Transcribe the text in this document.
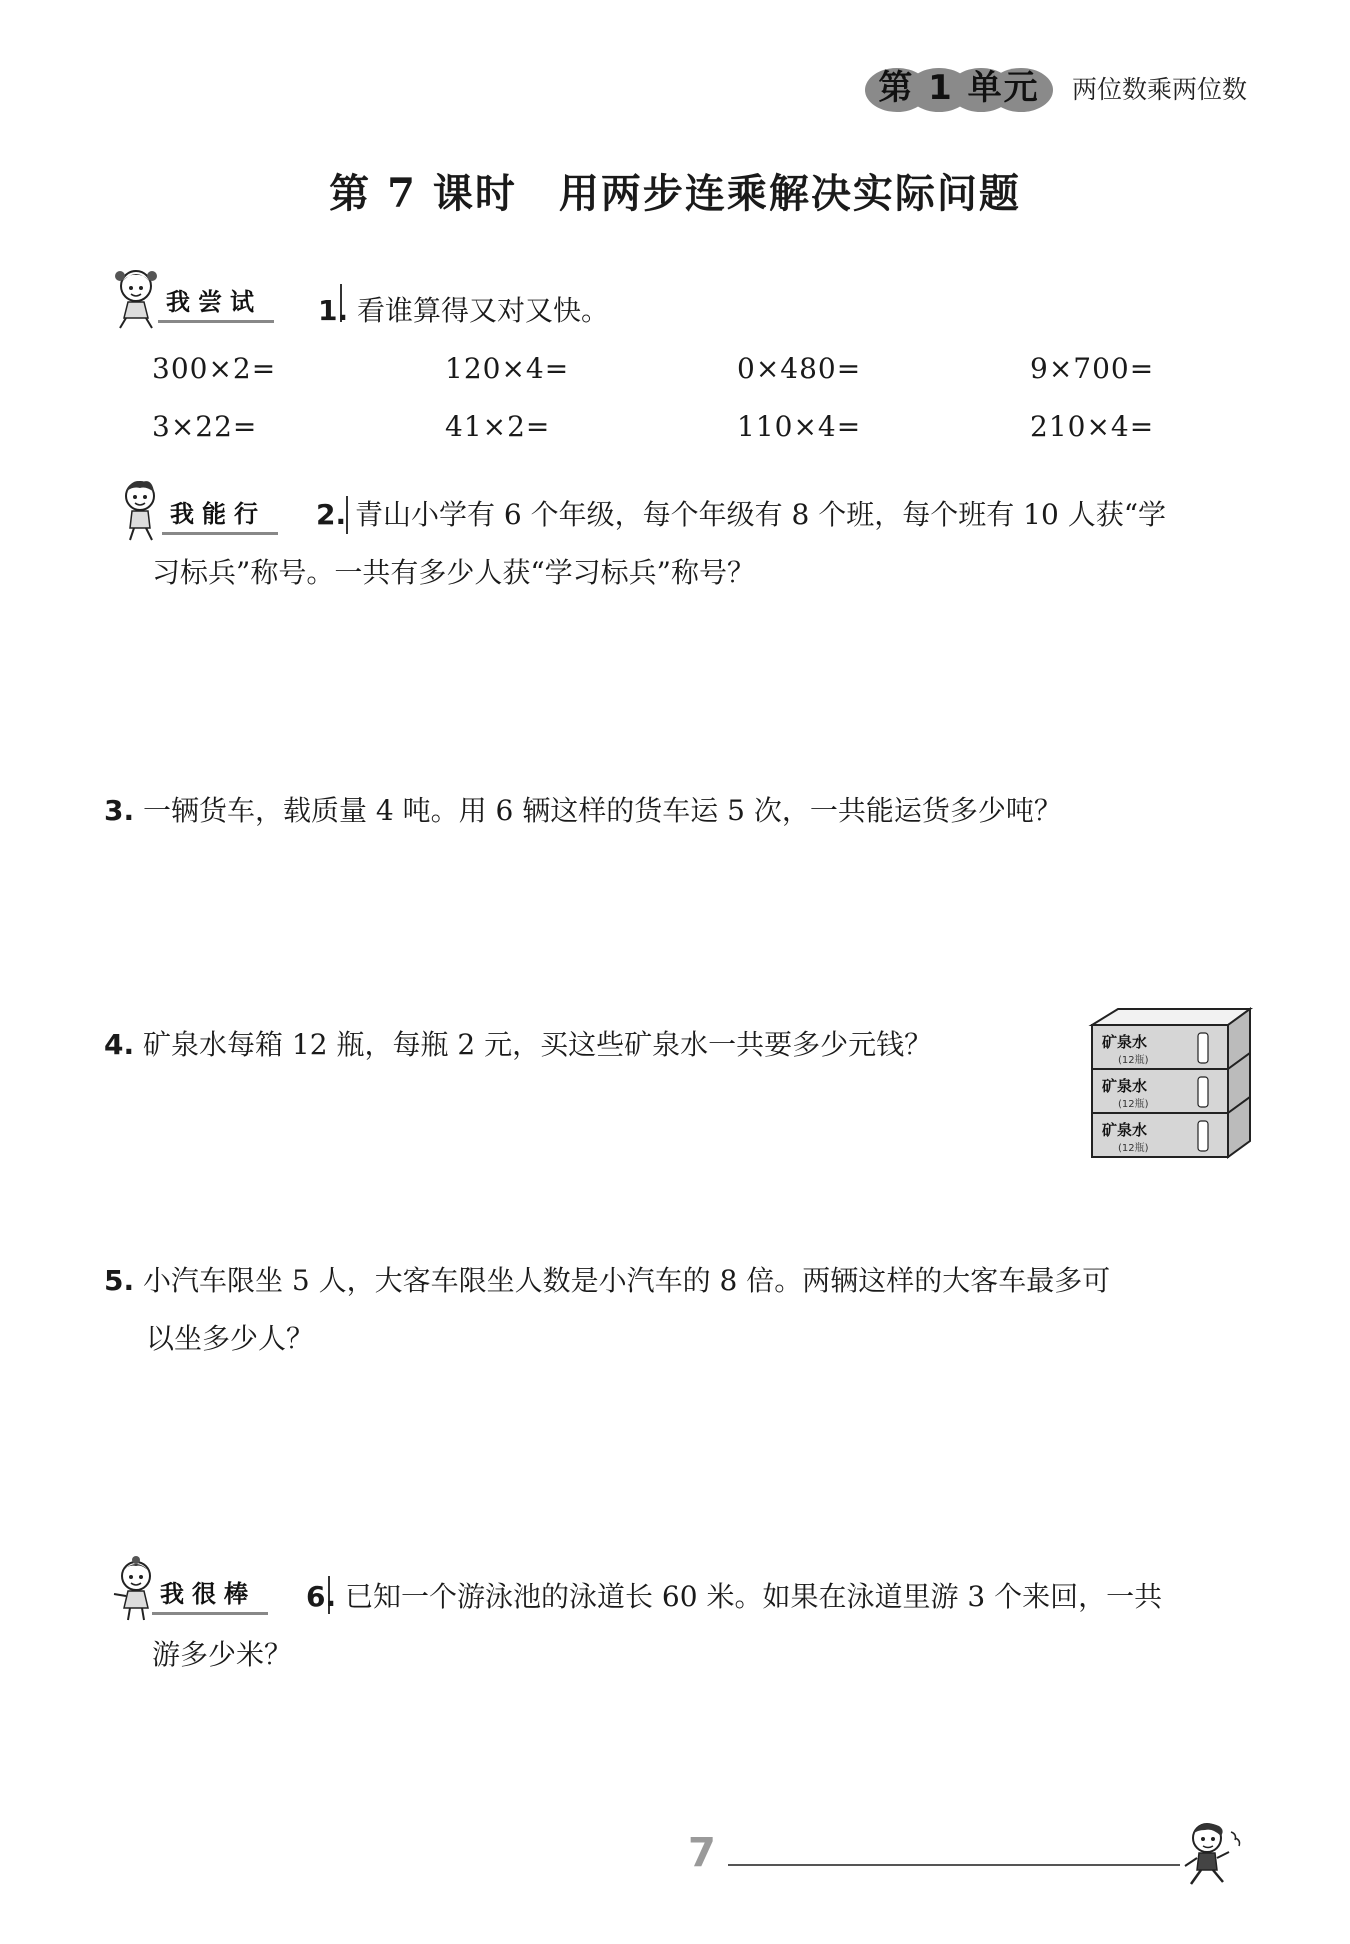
第 1 单元	两位数乘两位数
第 7 课时　用两步连乘解决实际问题
我尝试	1. 看谁算得又对又快。
300×2=	120×4=	0×480=	9×700=
3×22=	41×2=	110×4=	210×4=
我能行	2. 青山小学有 6 个年级，每个年级有 8 个班，每个班有 10 人获“学
习标兵”称号。一共有多少人获“学习标兵”称号？
3. 一辆货车，载质量 4 吨。用 6 辆这样的货车运 5 次，一共能运货多少吨？
4. 矿泉水每箱 12 瓶，每瓶 2 元，买这些矿泉水一共要多少元钱？	矿泉水
矿泉水
矿泉水
(12瓶)
(12瓶)
(12瓶)
5. 小汽车限坐 5 人，大客车限坐人数是小汽车的 8 倍。两辆这样的大客车最多可
以坐多少人？
我很棒	6. 已知一个游泳池的泳道长 60 米。如果在泳道里游 3 个来回，一共
游多少米？
7
